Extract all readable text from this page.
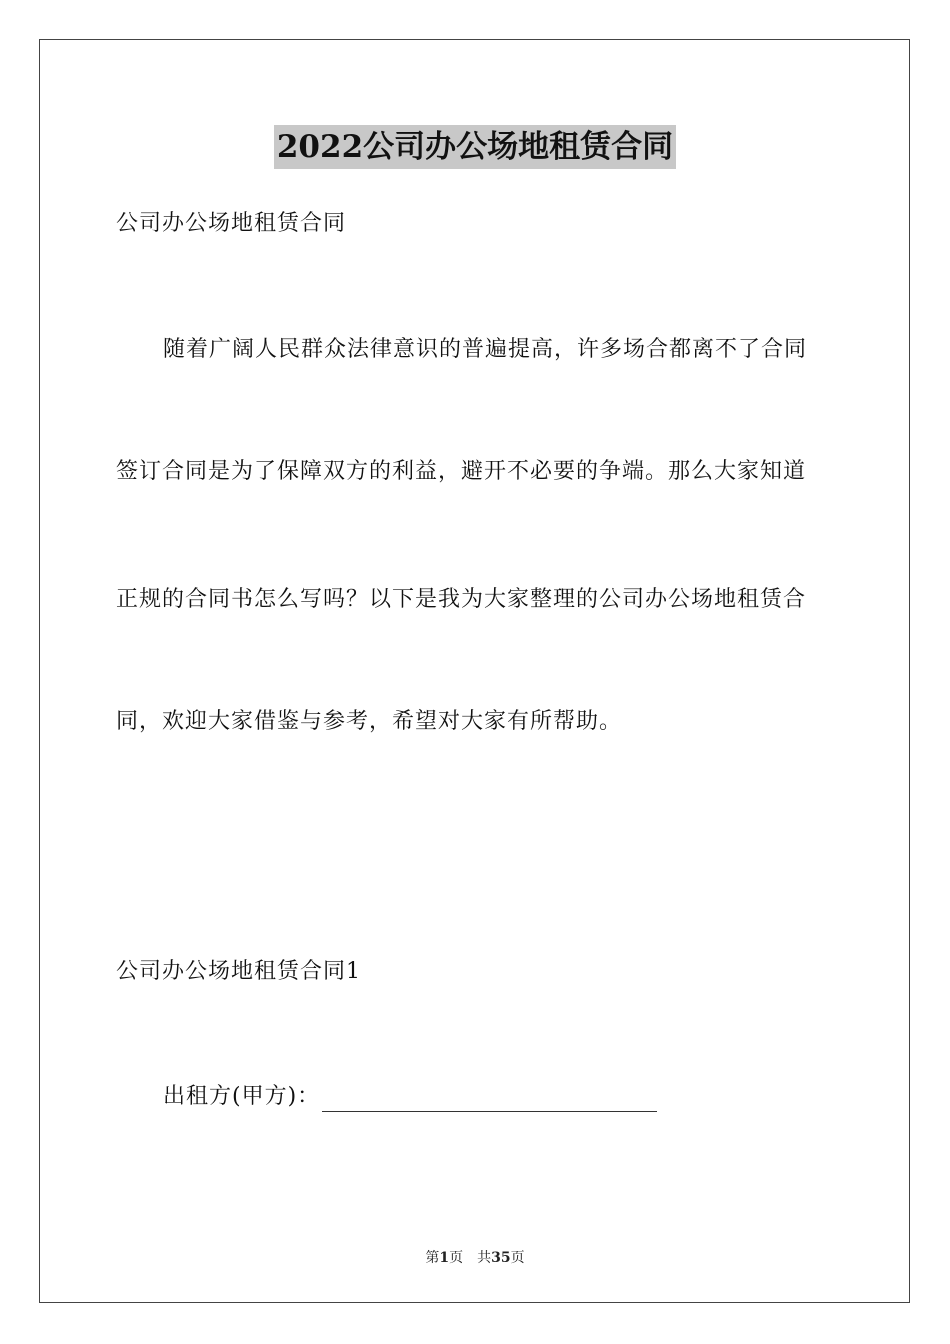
2022公司办公场地租赁合同
公司办公场地租赁合同
随着广阔人民群众法律意识的普遍提高，许多场合都离不了合同
签订合同是为了保障双方的利益，避开不必要的争端。那么大家知道
正规的合同书怎么写吗？以下是我为大家整理的公司办公场地租赁合
同，欢迎大家借鉴与参考，希望对大家有所帮助。
公司办公场地租赁合同1
出租方(甲方)：
第1页 共35页
